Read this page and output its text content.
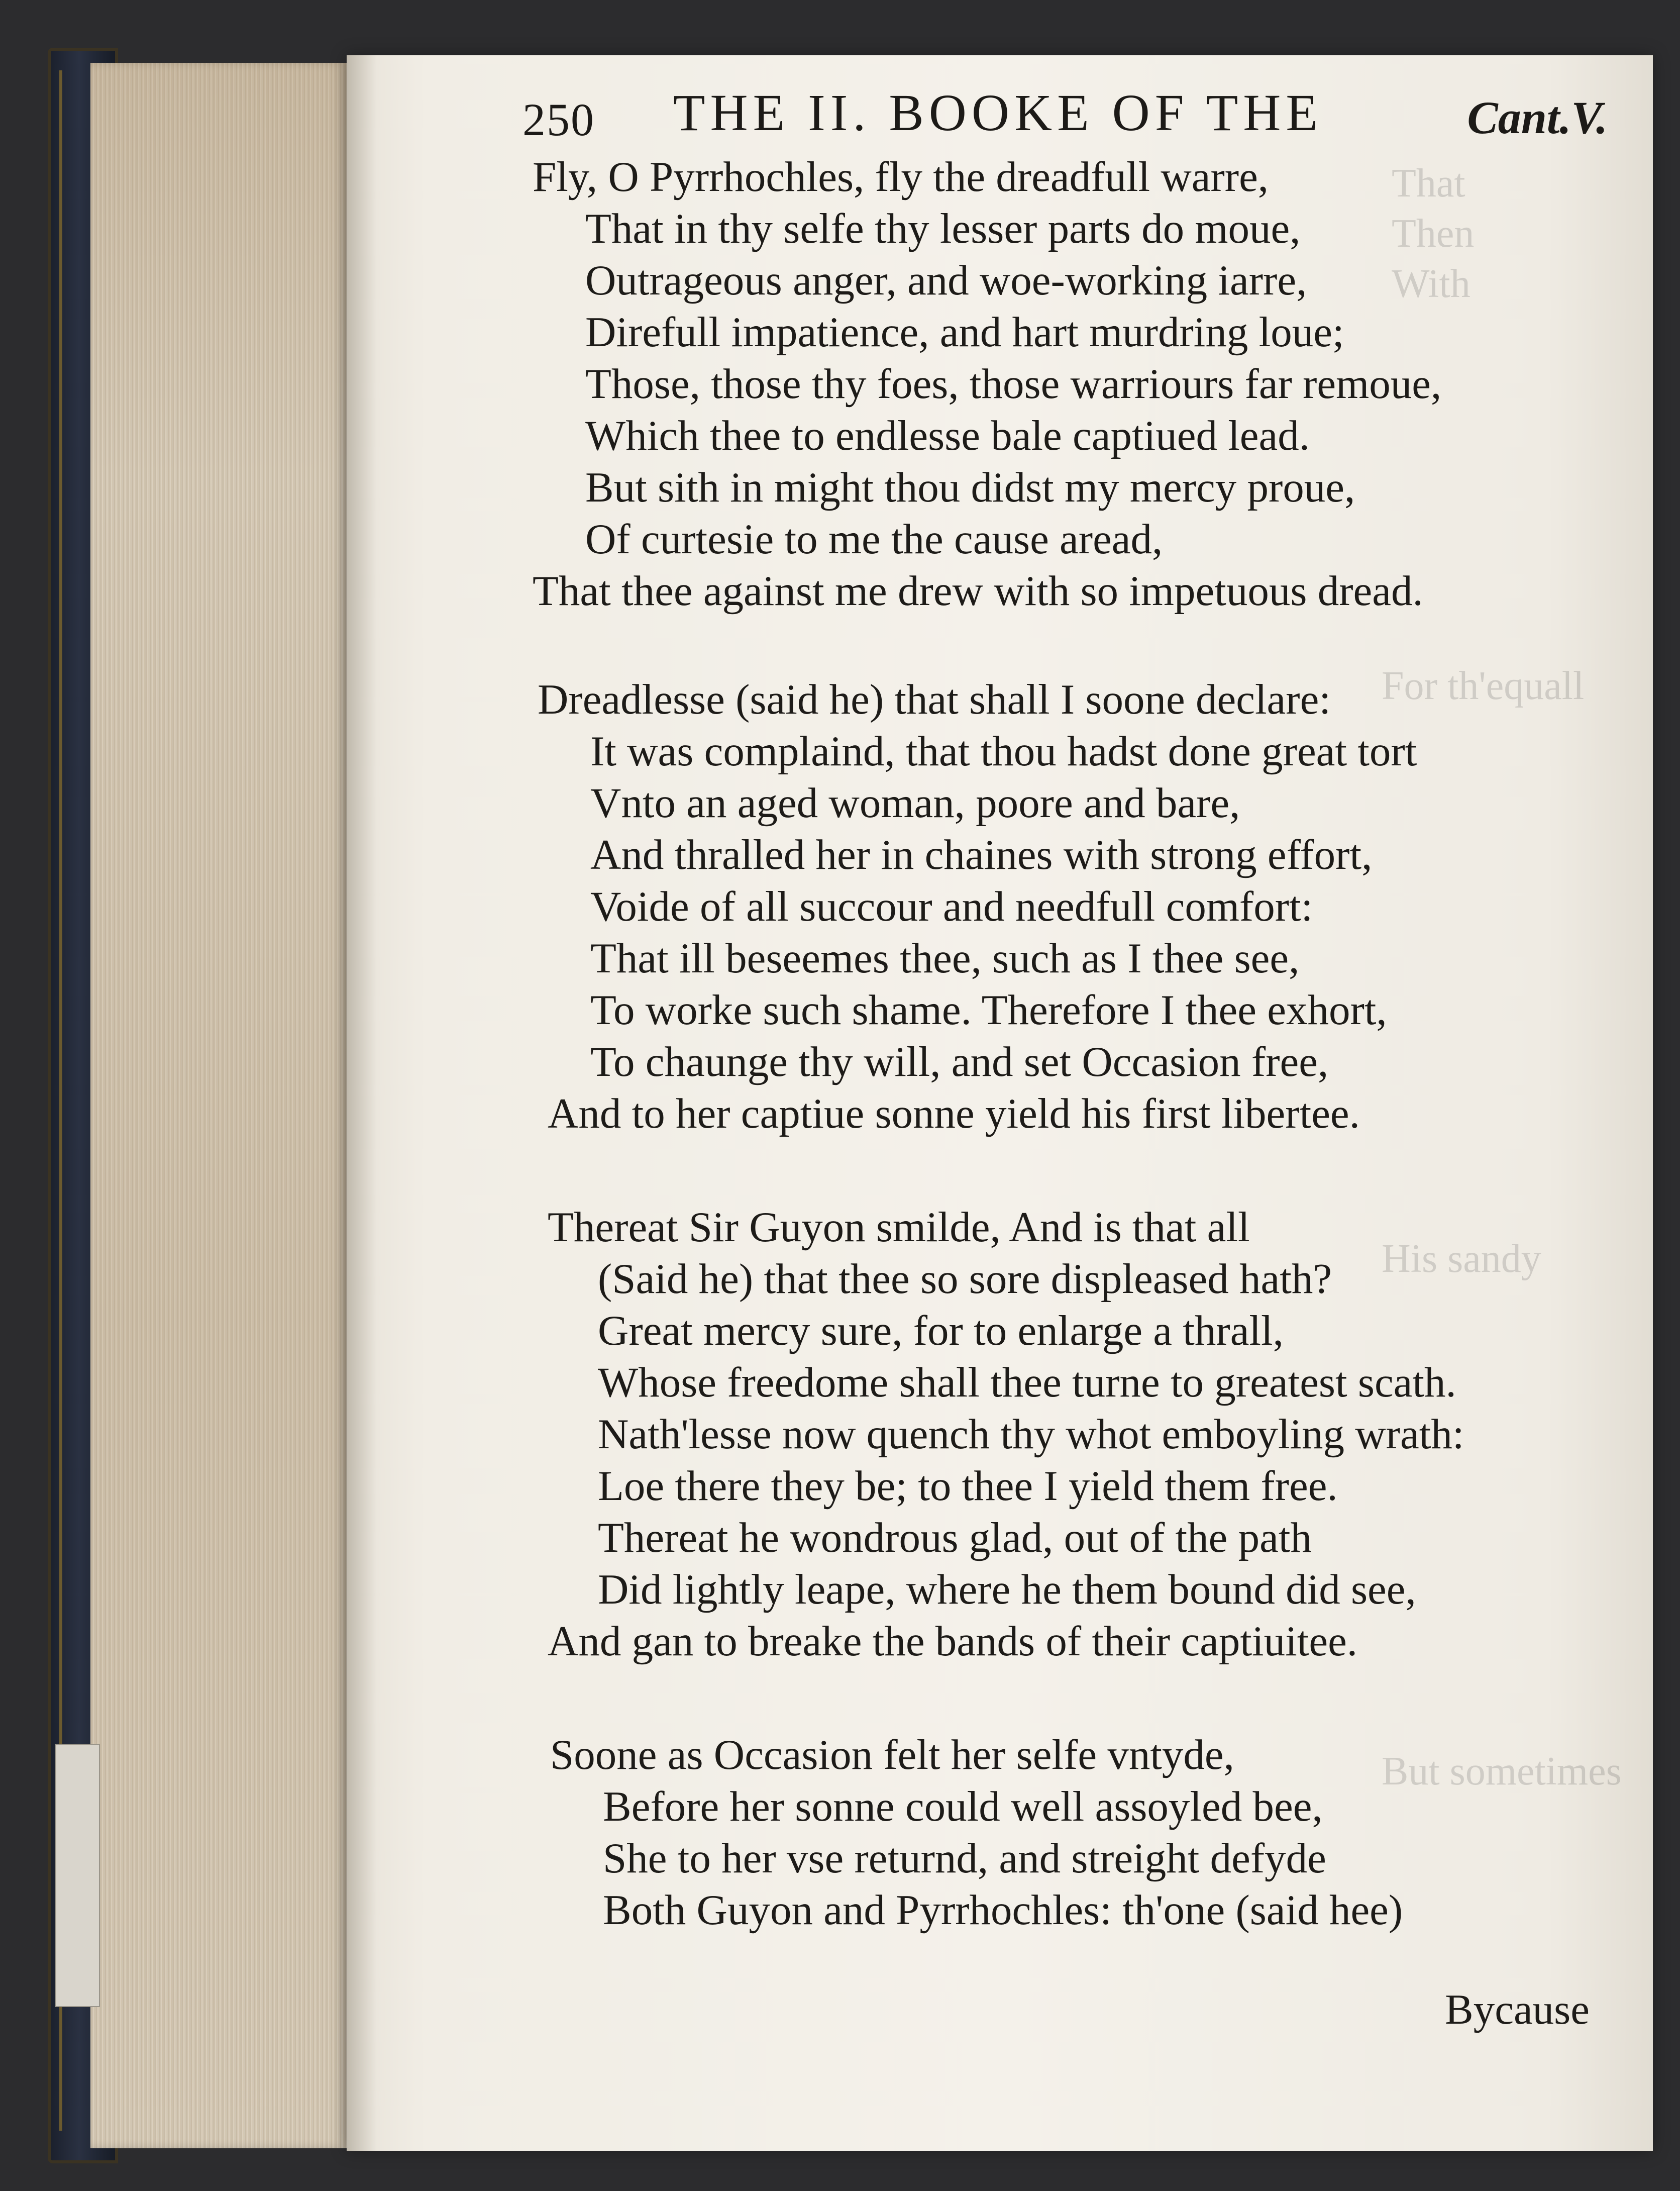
That
Then
With
For th'equall
His sandy
But sometimes
250 THE II. BOOKE OF THE	Cant.V.
Fly, O Pyrrhochles, fly the dreadfull warre,
That in thy selfe thy lesser parts do moue,
Outrageous anger, and woe-working iarre,
Direfull impatience, and hart murdring loue;
Those, those thy foes, those warriours far remoue,
Which thee to endlesse bale captiued lead.
But sith in might thou didst my mercy proue,
Of curtesie to me the cause aread,
That thee against me drew with so impetuous dread.
Dreadlesse (said he) that shall I soone declare:
It was complaind, that thou hadst done great tort
Vnto an aged woman, poore and bare,
And thralled her in chaines with strong effort,
Voide of all succour and needfull comfort:
That ill beseemes thee, such as I thee see,
To worke such shame. Therefore I thee exhort,
To chaunge thy will, and set Occasion free,
And to her captiue sonne yield his first libertee.
Thereat Sir Guyon smilde, And is that all
(Said he) that thee so sore displeased hath?
Great mercy sure, for to enlarge a thrall,
Whose freedome shall thee turne to greatest scath.
Nath'lesse now quench thy whot emboyling wrath:
Loe there they be; to thee I yield them free.
Thereat he wondrous glad, out of the path
Did lightly leape, where he them bound did see,
And gan to breake the bands of their captiuitee.
Soone as Occasion felt her selfe vntyde,
Before her sonne could well assoyled bee,
She to her vse returnd, and streight defyde
Both Guyon and Pyrrhochles: th'one (said hee)
Bycause
